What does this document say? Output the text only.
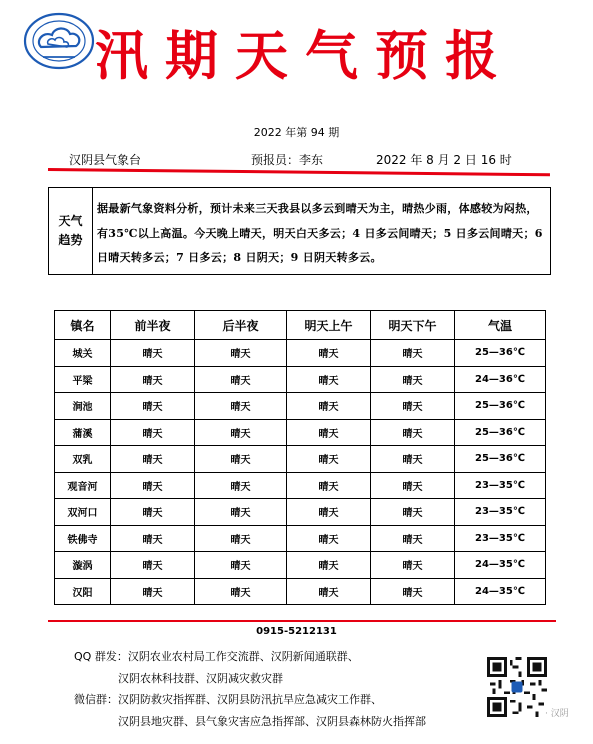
汛期天气预报
2022 年第 94 期
汉阴县气象台	预报员：李东	2022 年 8 月 2 日 16 时
天气趋势
据最新气象资料分析，预计未来三天我县以多云到晴天为主，晴热少雨，体感较为闷热，有35℃以上高温。今天晚上晴天，明天白天多云；4 日多云间晴天；5 日多云间晴天；6 日晴天转多云；7 日多云；8 日阴天；9 日阴天转多云。
镇名	前半夜	后半夜	明天上午	明天下午	气温
城关	晴天	晴天	晴天	晴天	25—36℃
平梁	晴天	晴天	晴天	晴天	24—36℃
涧池	晴天	晴天	晴天	晴天	25—36℃
蒲溪	晴天	晴天	晴天	晴天	25—36℃
双乳	晴天	晴天	晴天	晴天	25—36℃
观音河	晴天	晴天	晴天	晴天	23—35℃
双河口	晴天	晴天	晴天	晴天	23—35℃
铁佛寺	晴天	晴天	晴天	晴天	23—35℃
漩涡	晴天	晴天	晴天	晴天	24—35℃
汉阳	晴天	晴天	晴天	晴天	24—35℃
0915-5212131
QQ 群发：汉阴农业农村局工作交流群、汉阴新闻通联群、
　　　　汉阴农林科技群、汉阴减灾救灾群
微信群：汉阴防救灾指挥群、汉阴县防汛抗旱应急减灾工作群、
　　　　汉阴县地灾群、县气象灾害应急指挥部、汉阴县森林防火指挥部
· 汉阴
